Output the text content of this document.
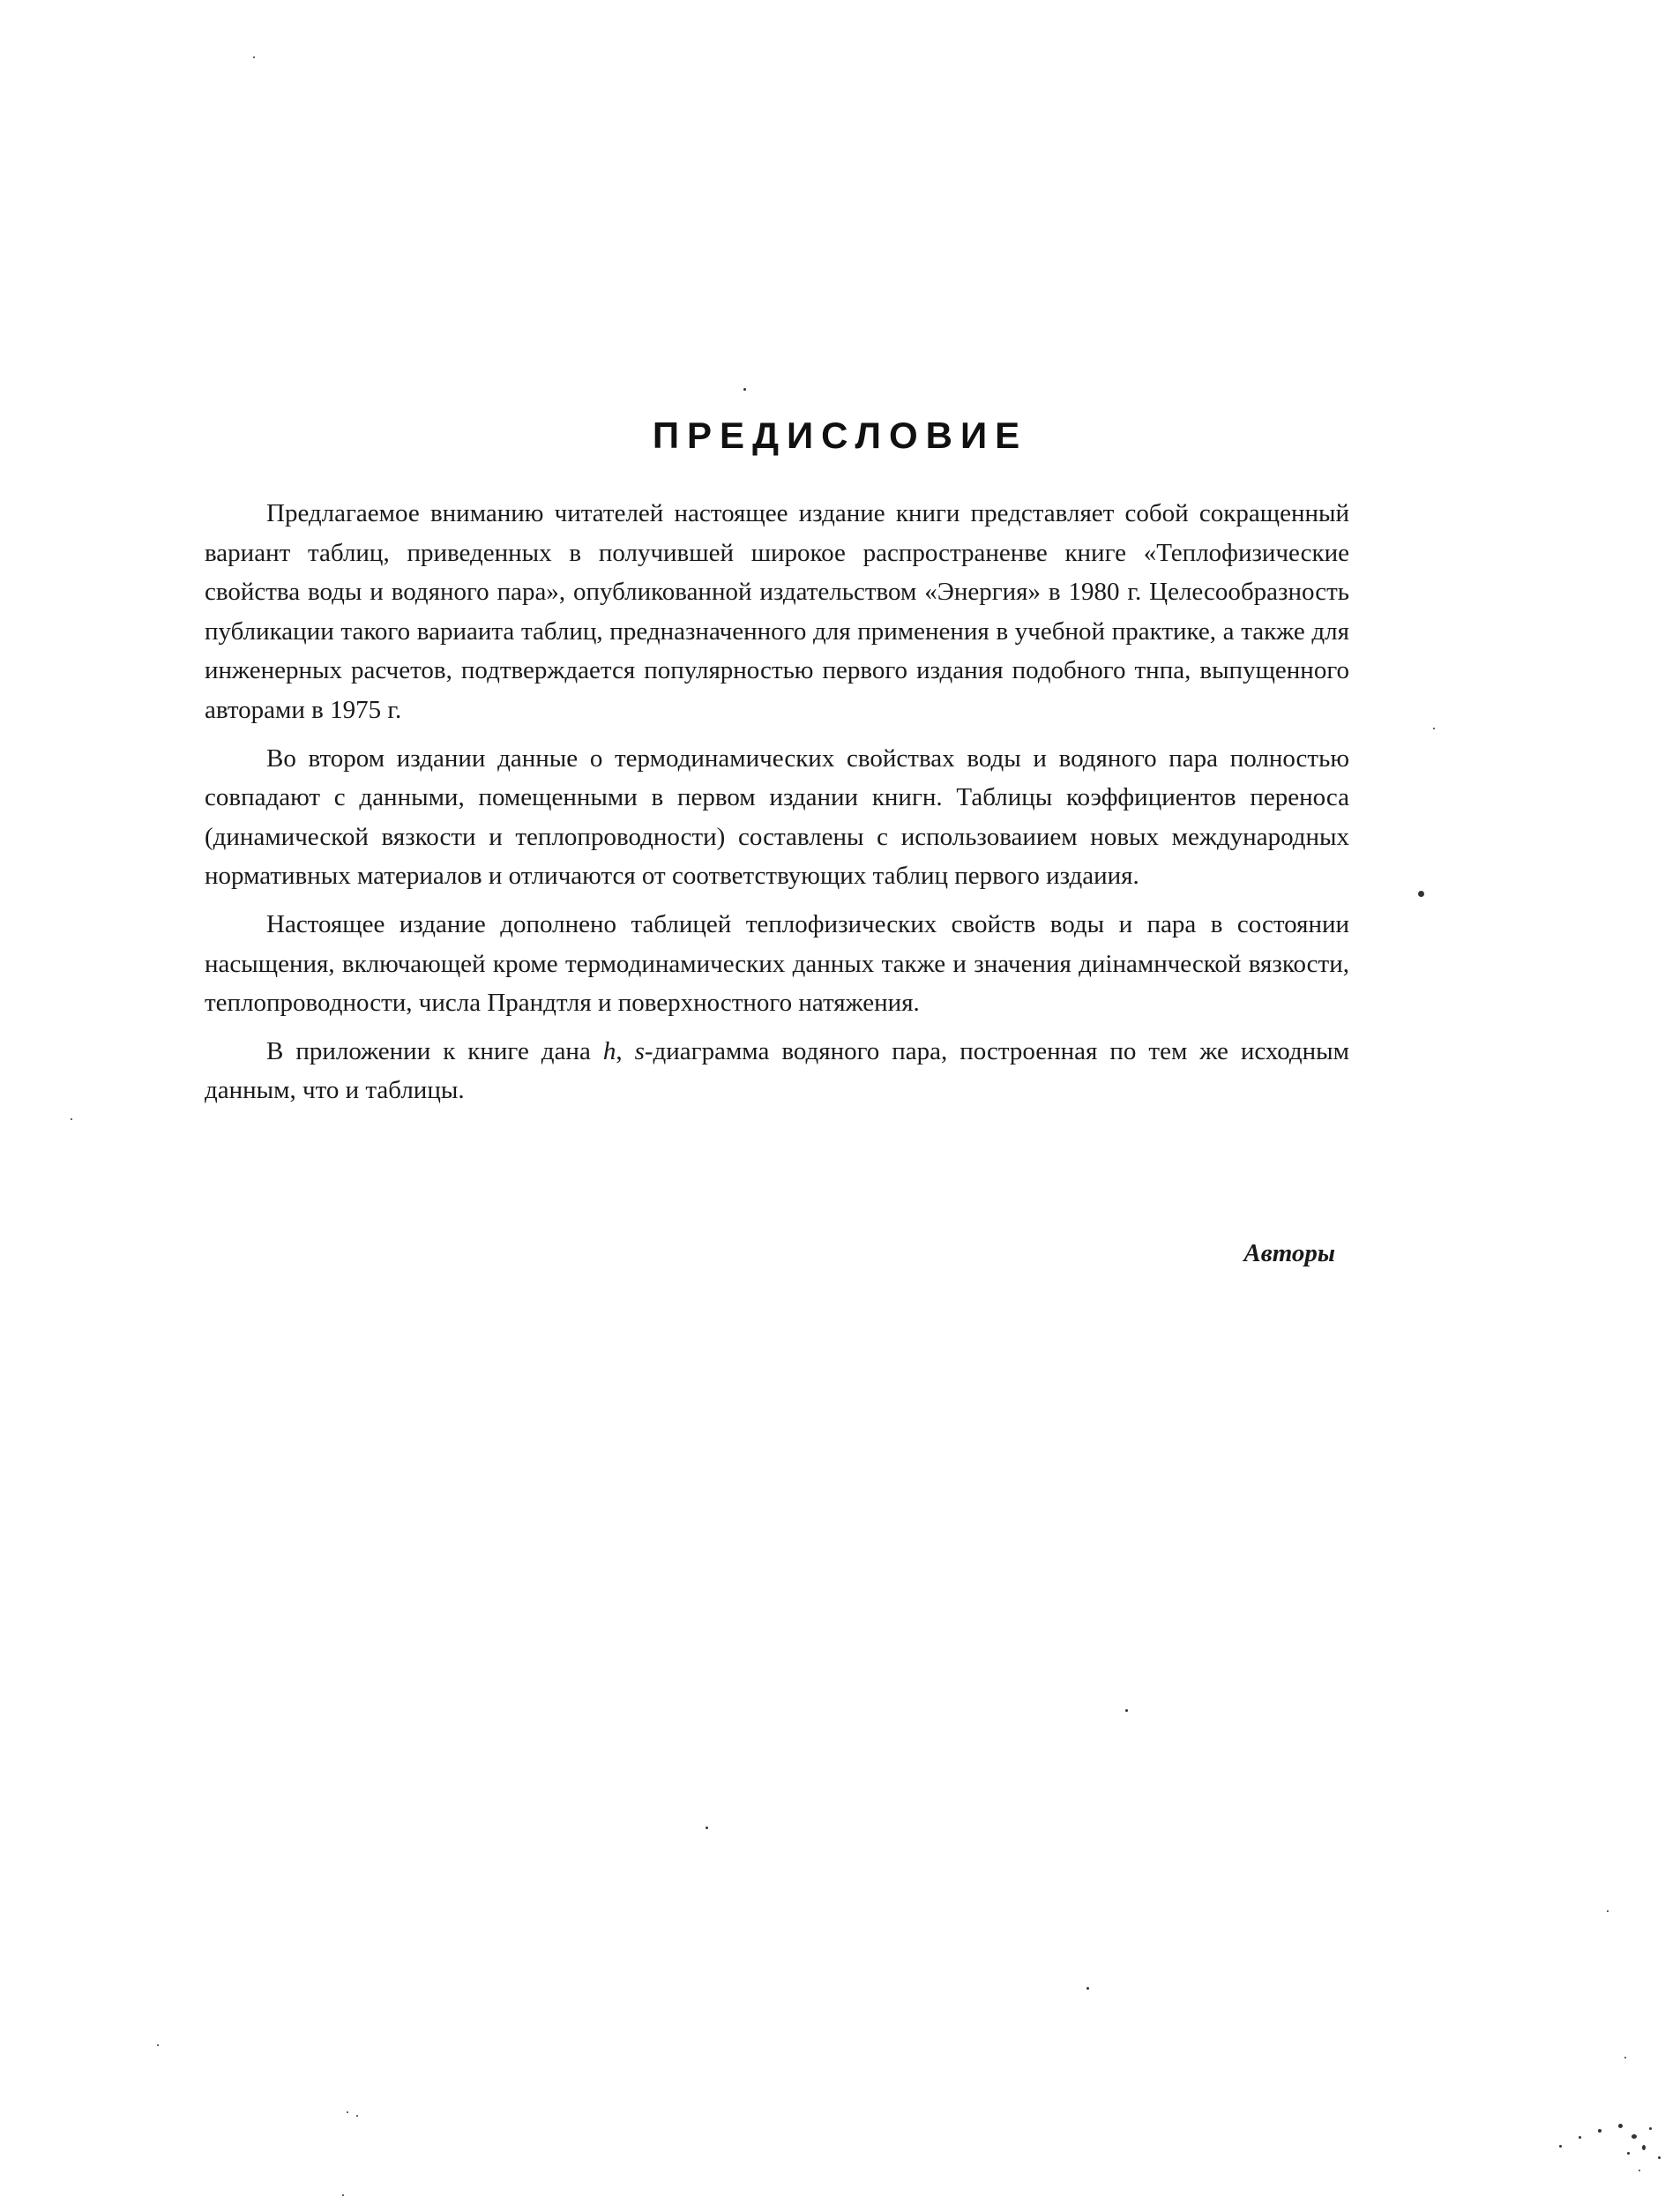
ПРЕДИСЛОВИЕ

Предлагаемое вниманию читателей настоящее издание книги представляет собой сокращенный вариант таблиц, приведенных в получившей широкое распространенве книге «Теплофизические свойства воды и водяного пара», опубликованной издательством «Энергия» в 1980 г. Целесообразность публикации такого вариаита таблиц, предназначенного для применения в учебной практике, а также для инженерных расчетов, подтверждается популярностью первого издания подобного тнпа, выпущенного авторами в 1975 г.

Во втором издании данные о термодинамических свойствах воды и водяного пара полностью совпадают с данными, помещенными в первом издании книгн. Таблицы коэффициентов переноса (динамической вязкости и теплопроводности) составлены с использоваиием новых международных нормативных материалов и отличаются от соответствующих таблиц первого издаиия.

Настоящее издание дополнено таблицей теплофизических свойств воды и пара в состоянии насыщения, включающей кроме термодинамических данных также и значения диiнамнческой вязкости, теплопроводности, числа Прандтля и поверхностного натяжения.

В приложении к книге дана h, s-диаграмма водяного пара, построенная по тем же исходным данным, что и таблицы.

Авторы
